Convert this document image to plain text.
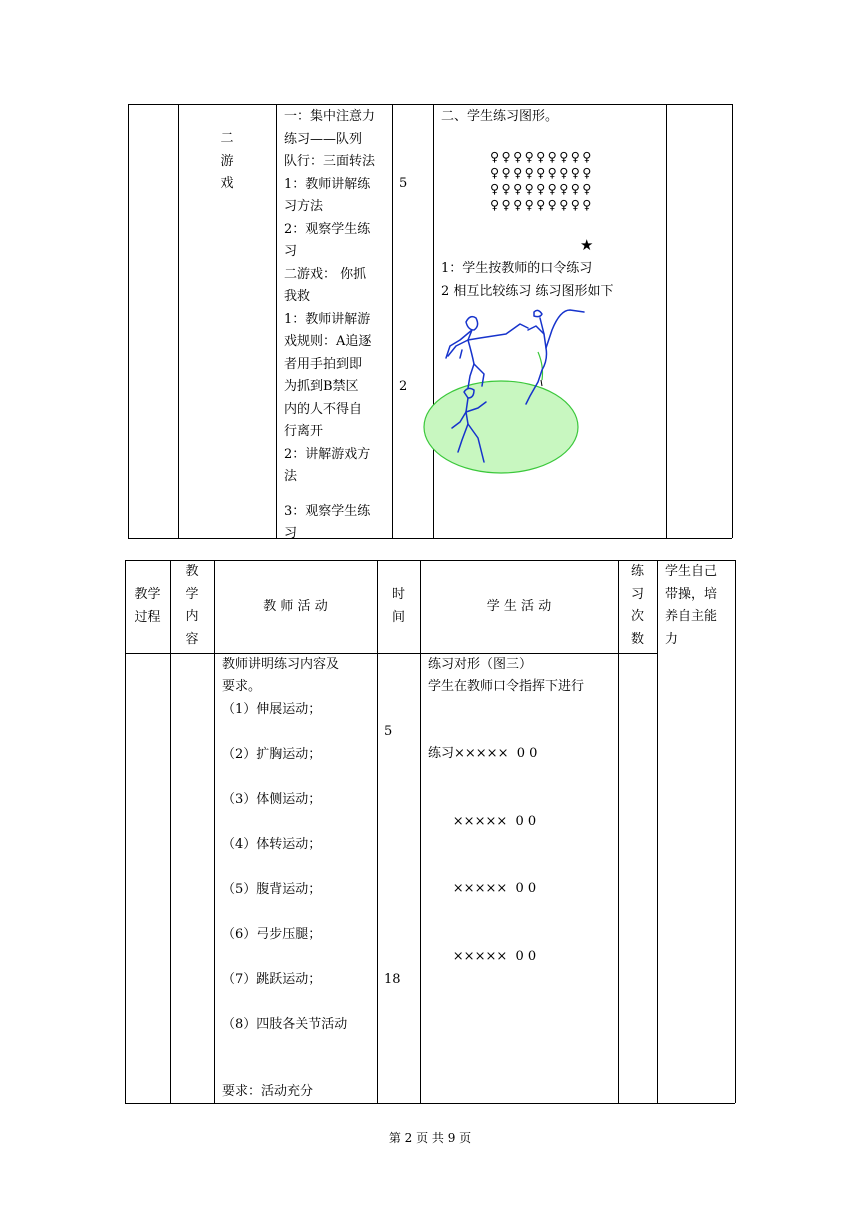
二
游
戏
一：集中注意力
练习——队列
队行：三面转法
1：教师讲解练
习方法
2：观察学生练
习
二游戏： 你抓
我救
1：教师讲解游
戏规则：A追逐
者用手拍到即
为抓到B禁区
内的人不得自
行离开
2：讲解游戏方
法
3：观察学生练
习
5
2
二、学生练习图形。
♀♀♀♀♀♀♀♀♀
♀♀♀♀♀♀♀♀♀
♀♀♀♀♀♀♀♀♀
♀♀♀♀♀♀♀♀♀
★
1：学生按教师的口令练习
2 相互比较练习 练习图形如下
教学
过程
教
学
内
容
教 师 活 动
时
间
学 生 活 动
练
习
次
数
学生自己
带操，培
养自主能
力
教师讲明练习内容及
要求。
（1）伸展运动；
（2）扩胸运动；
（3）体侧运动；
（4）体转运动；
（5）腹背运动；
（6）弓步压腿；
（7）跳跃运动；
（8）四肢各关节活动
要求：活动充分
5
18
练习对形（图三）
学生在教师口令指挥下进行

练习×××××  0 0

×××××  0 0

×××××  0 0

×××××  0 0

第 2 页 共 9 页
